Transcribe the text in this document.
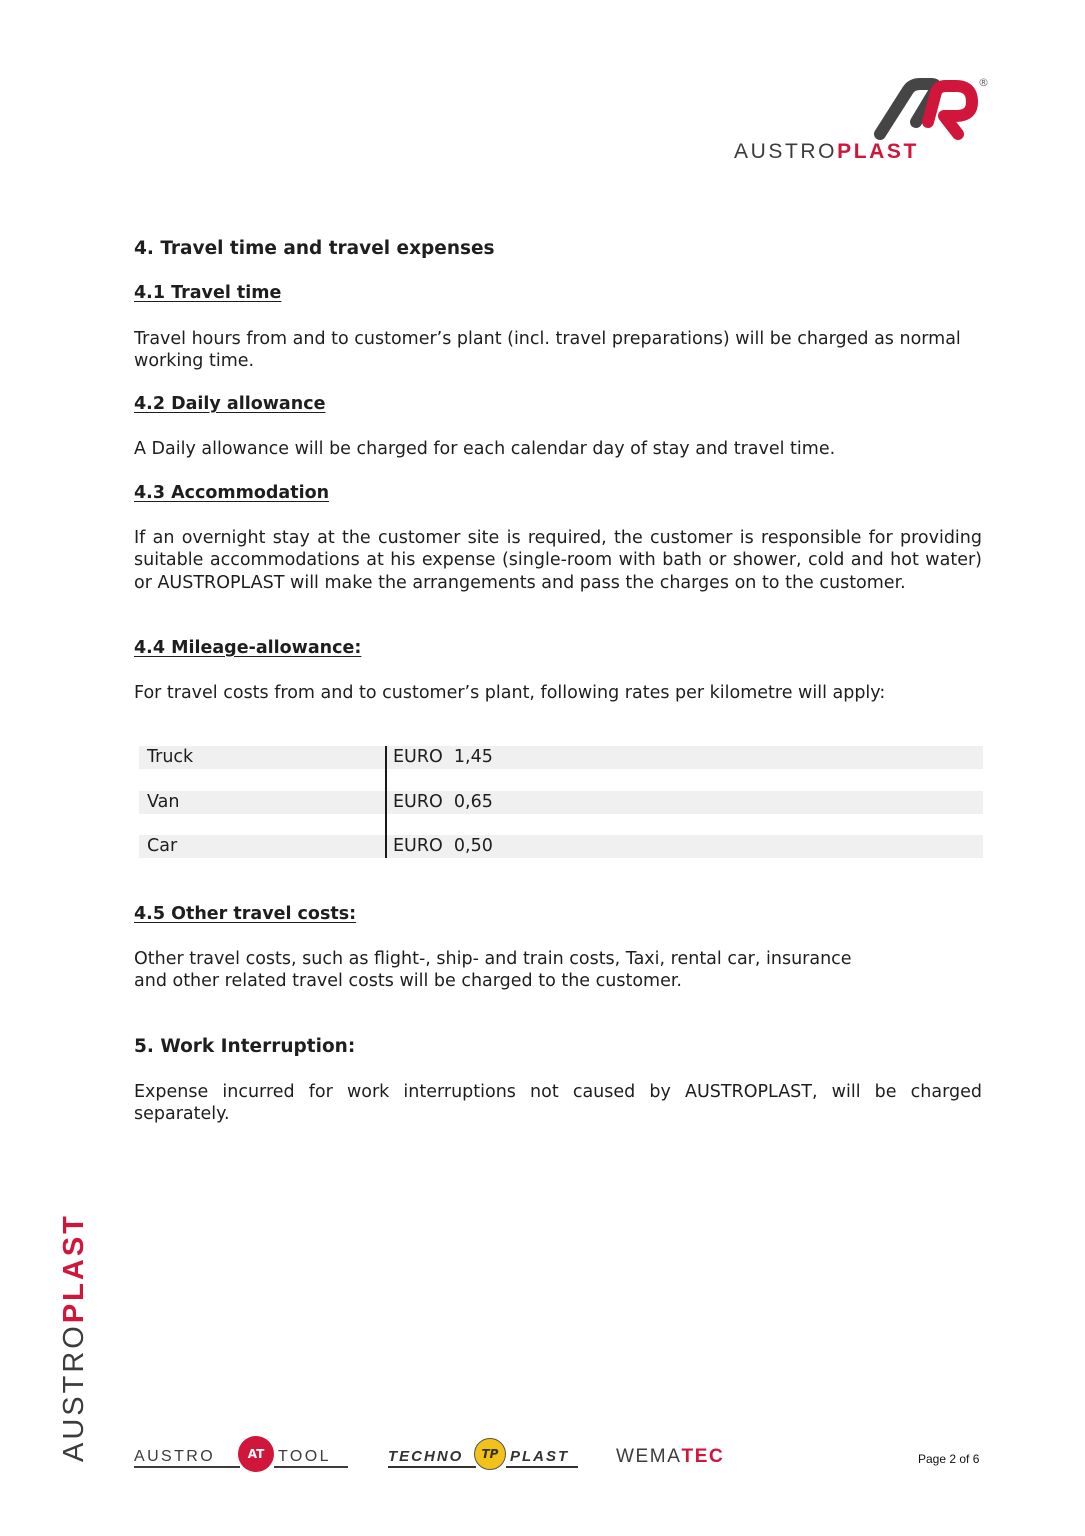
®
AUSTROPLAST
4. Travel time and travel expenses
4.1 Travel time

Travel hours from and to customer’s plant (incl. travel preparations) will be charged as normal working time.

4.2 Daily allowance

A Daily allowance will be charged for each calendar day of stay and travel time.

4.3 Accommodation

If an overnight stay at the customer site is required, the customer is responsible for providing suitable accommodations at his expense (single-room with bath or shower, cold and hot water) or AUSTROPLAST will make the arrangements and pass the charges on to the customer.

4.4 Mileage-allowance:

For travel costs from and to customer’s plant, following rates per kilometre will apply:

4.5 Other travel costs:

Other travel costs, such as flight-, ship- and train costs, Taxi, rental car, insurance
and other related travel costs will be charged to the customer.

5. Work Interruption:

Expense incurred for work interruptions not caused by AUSTROPLAST, will be charged separately.

Truck	EURO  1,45
Van	EURO  0,65
Car	EURO  0,50
AUSTROPLAST
AUSTRO	AT TOOL	TECHNO	TP PLAST WEMATEC	Page 2 of 6
